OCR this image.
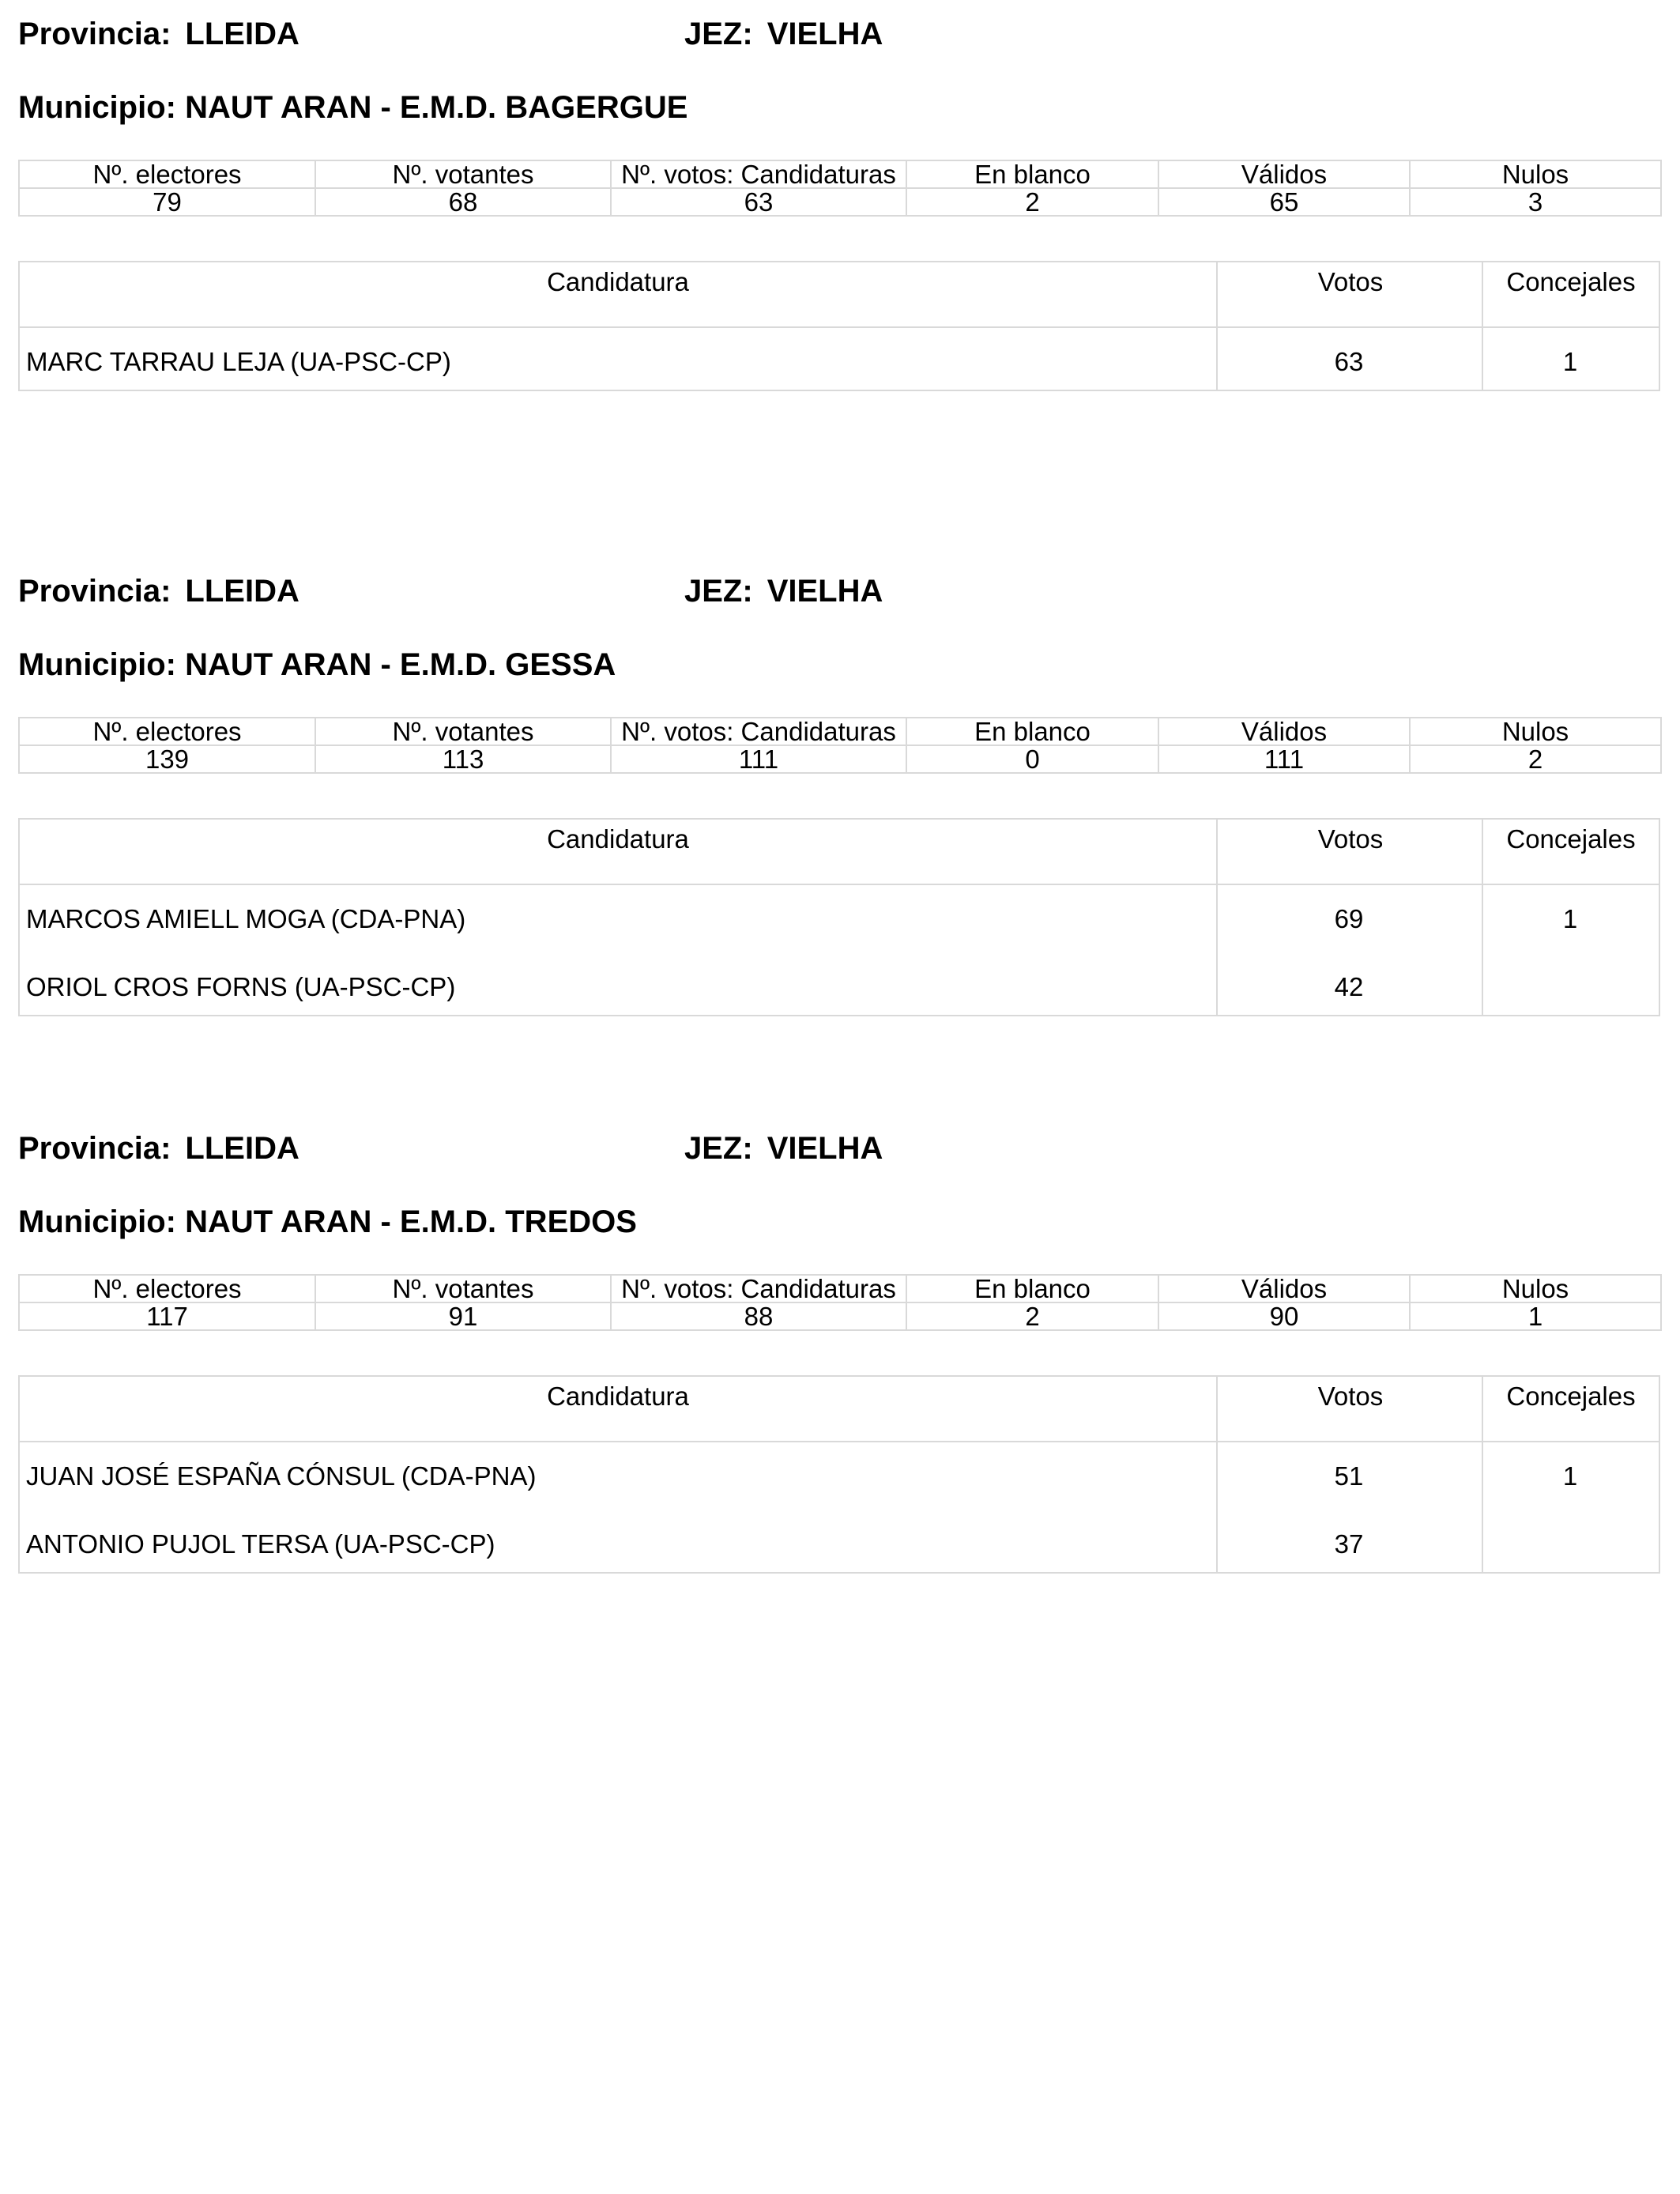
Provincia: LLEIDA	JEZ: VIELHA
Municipio: NAUT ARAN - E.M.D. BAGERGUE
Nº. electores	Nº. votantes	Nº. votos: Candidaturas	En blanco	Válidos	Nulos
79	68	63	2	65	3
Candidatura	Votos	Concejales
MARC TARRAU LEJA (UA-PSC-CP)	63	1
Provincia: LLEIDA	JEZ: VIELHA
Municipio: NAUT ARAN - E.M.D. GESSA
Nº. electores	Nº. votantes	Nº. votos: Candidaturas	En blanco	Válidos	Nulos
139	113	111	0	111	2
Candidatura	Votos	Concejales
MARCOS AMIELL MOGA (CDA-PNA)	69	1
ORIOL CROS FORNS (UA-PSC-CP)	42
Provincia: LLEIDA	JEZ: VIELHA
Municipio: NAUT ARAN - E.M.D. TREDOS
Nº. electores	Nº. votantes	Nº. votos: Candidaturas	En blanco	Válidos	Nulos
117	91	88	2	90	1
Candidatura	Votos	Concejales
JUAN JOSÉ ESPAÑA CÓNSUL (CDA-PNA)	51	1
ANTONIO PUJOL TERSA (UA-PSC-CP)	37
